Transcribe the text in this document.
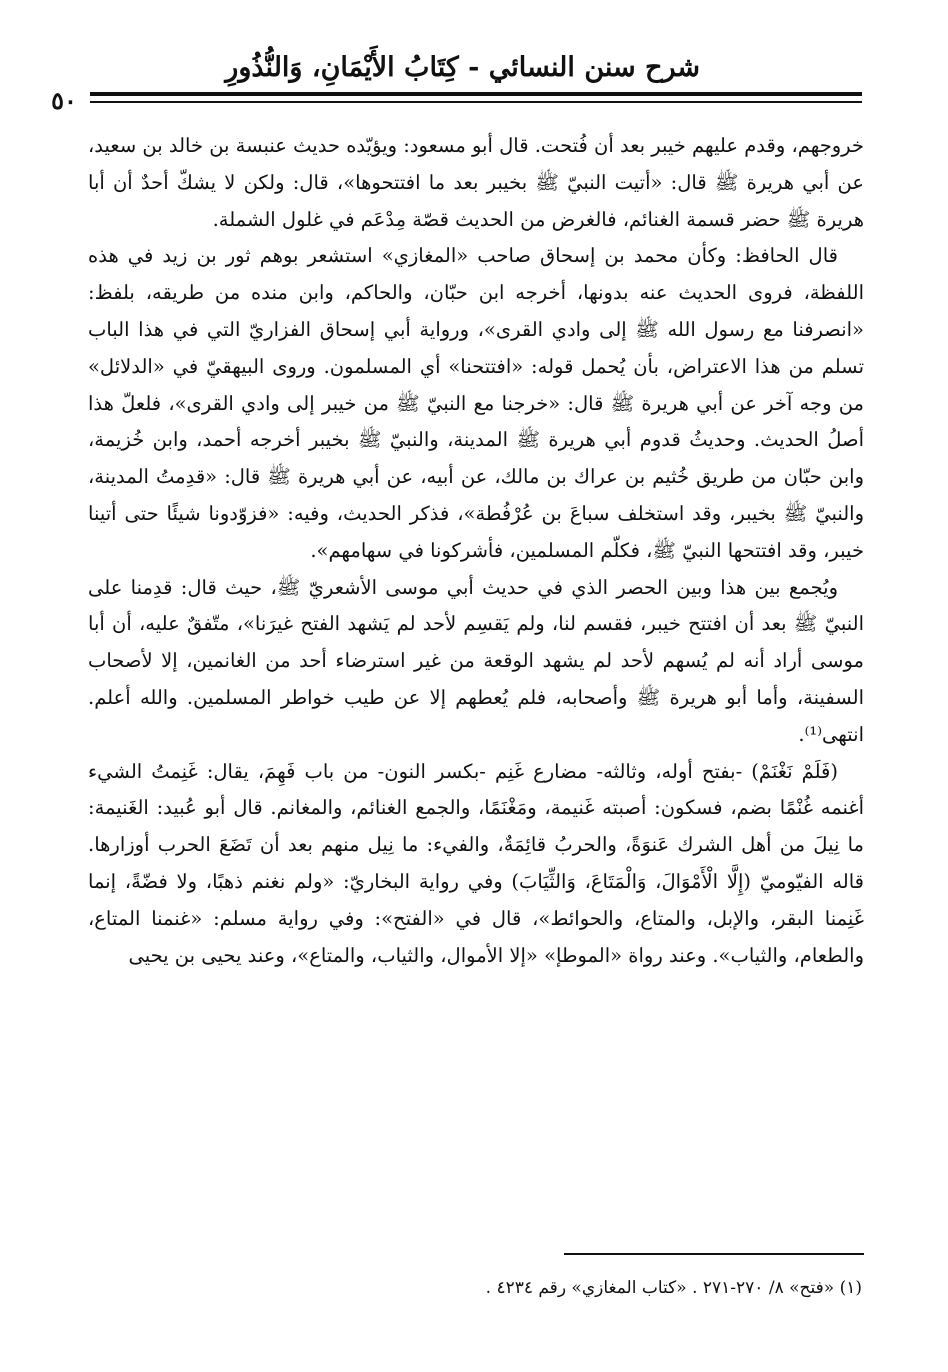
شرح سنن النسائي - كِتَابُ الأَيْمَانِ، وَالنُّذُورِ
٥٠

خروجهم، وقدم عليهم خيبر بعد أن فُتحت. قال أبو مسعود: ويؤيّده حديث عنبسة بن خالد بن سعيد، عن أبي هريرة ﷺ قال: «أتيت النبيّ ﷺ بخيبر بعد ما افتتحوها»، قال: ولكن لا يشكّ أحدٌ أن أبا هريرة ﷺ حضر قسمة الغنائم، فالغرض من الحديث قصّة مِدْعَم في غلول الشملة.

قال الحافظ: وكأن محمد بن إسحاق صاحب «المغازي» استشعر بوهم ثور بن زيد في هذه اللفظة، فروى الحديث عنه بدونها، أخرجه ابن حبّان، والحاكم، وابن منده من طريقه، بلفظ: «انصرفنا مع رسول الله ﷺ إلى وادي القرى»، ورواية أبي إسحاق الفزاريّ التي في هذا الباب تسلم من هذا الاعتراض، بأن يُحمل قوله: «افتتحنا» أي المسلمون. وروى البيهقيّ في «الدلائل» من وجه آخر عن أبي هريرة ﷺ قال: «خرجنا مع النبيّ ﷺ من خيبر إلى وادي القرى»، فلعلّ هذا أصلُ الحديث. وحديثُ قدوم أبي هريرة ﷺ المدينة، والنبيّ ﷺ بخيبر أخرجه أحمد، وابن خُزيمة، وابن حبّان من طريق خُثيم بن عراك بن مالك، عن أبيه، عن أبي هريرة ﷺ قال: «قدِمتُ المدينة، والنبيّ ﷺ بخيبر، وقد استخلف سباعَ بن عُرْفُطة»، فذكر الحديث، وفيه: «فزوّدونا شيئًا حتى أتينا خيبر، وقد افتتحها النبيّ ﷺ، فكلّم المسلمين، فأشركونا في سهامهم».

ويُجمع بين هذا وبين الحصر الذي في حديث أبي موسى الأشعريّ ﷺ، حيث قال: قدِمنا على النبيّ ﷺ بعد أن افتتح خيبر، فقسم لنا، ولم يَقسِم لأحد لم يَشهد الفتح غيرَنا»، متّفقٌ عليه، أن أبا موسى أراد أنه لم يُسهم لأحد لم يشهد الوقعة من غير استرضاء أحد من الغانمين، إلا لأصحاب السفينة، وأما أبو هريرة ﷺ وأصحابه، فلم يُعطهم إلا عن طيب خواطر المسلمين. والله أعلم. انتهى⁽¹⁾.

(فَلَمْ نَغْنَمْ) -بفتح أوله، وثالثه- مضارع غَنِم -بكسر النون- من باب فَهِمَ، يقال: غَنِمتُ الشيء أغنمه غُنْمًا بضم، فسكون: أصبته غَنيمة، ومَغْنَمًا، والجمع الغنائم، والمغانم. قال أبو عُبيد: الغَنيمة: ما نِيلَ من أهل الشرك عَنوَةً، والحربُ قائِمَةٌ، والفيء: ما نِيل منهم بعد أن تَضَعَ الحرب أوزارها. قاله الفيّوميّ (إِلَّا الْأَمْوَالَ، وَالْمَتَاعَ، وَالثِّيَابَ) وفي رواية البخاريّ: «ولم نغنم ذهبًا، ولا فضّةً، إنما غَنِمنا البقر، والإبل، والمتاع، والحوائط»، قال في «الفتح»: وفي رواية مسلم: «غنمنا المتاع، والطعام، والثياب». وعند رواة «الموطإ» «إلا الأموال، والثياب، والمتاع»، وعند يحيى بن يحيى

(١) «فتح» ٨/ ٢٧٠-٢٧١ . «كتاب المغازي» رقم ٤٢٣٤ .
